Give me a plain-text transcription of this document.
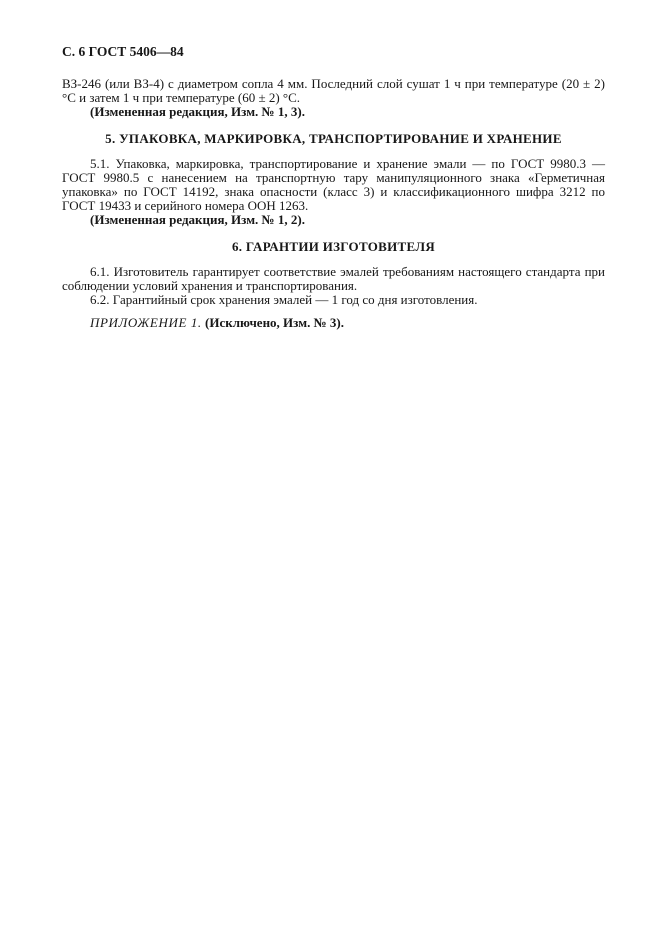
С. 6 ГОСТ 5406—84

ВЗ-246 (или ВЗ-4) с диаметром сопла 4 мм. Последний слой сушат 1 ч при температуре (20 ± 2) °С и затем 1 ч при температуре (60 ± 2) °С.

(Измененная редакция, Изм. № 1, 3).

5. УПАКОВКА, МАРКИРОВКА, ТРАНСПОРТИРОВАНИЕ И ХРАНЕНИЕ

5.1. Упаковка, маркировка, транспортирование и хранение эмали — по ГОСТ 9980.3 — ГОСТ 9980.5 с нанесением на транспортную тару манипуляционного знака «Герметичная упаковка» по ГОСТ 14192, знака опасности (класс 3) и классификационного шифра 3212 по ГОСТ 19433 и серийного номера ООН 1263.

(Измененная редакция, Изм. № 1, 2).

6. ГАРАНТИИ ИЗГОТОВИТЕЛЯ

6.1. Изготовитель гарантирует соответствие эмалей требованиям настоящего стандарта при соблюдении условий хранения и транспортирования.

6.2. Гарантийный срок хранения эмалей — 1 год со дня изготовления.

ПРИЛОЖЕНИЕ 1. (Исключено, Изм. № 3).
